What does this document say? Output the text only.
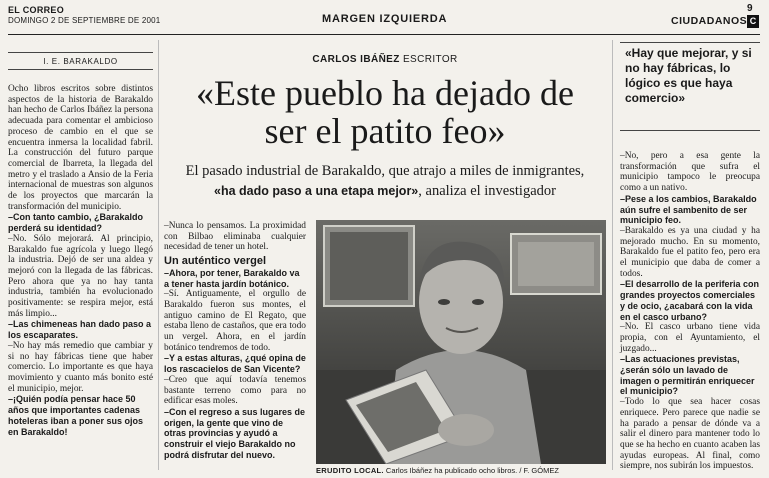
EL CORREO
DOMINGO 2 DE SEPTIEMBRE DE 2001	MARGEN IZQUIERDA	CIUDADANOS
9
C
I. E. BARAKALDO

Ocho libros escritos sobre distintos aspectos de la historia de Barakaldo han hecho de Carlos Ibáñez la persona adecuada para comentar el ambicioso proceso de cambio en el que se encuentra inmersa la localidad fabril. La construcción del futuro parque comercial de Ibarreta, la llegada del metro y el traslado a Ansio de la Feria internacional de muestras son algunos de los proyectos que marcarán la transformación del municipio.

–Con tanto cambio, ¿Barakaldo perderá su identidad?

–No. Sólo mejorará. Al principio, Barakaldo fue agrícola y luego llegó la industria. Dejó de ser una aldea y mejoró con la llegada de las fábricas. Pero ahora que ya no hay tanta industria, también ha evolucionado positivamente: se respira mejor, está más limpio...

–Las chimeneas han dado paso a los escaparates.

–No hay más remedio que cambiar y si no hay fábricas tiene que haber comercio. Lo importante es que haya movimiento y cuanto más bonito esté el municipio, mejor.

–¡Quién podía pensar hace 50 años que importantes cadenas hoteleras iban a poner sus ojos en Barakaldo!

CARLOS IBÁÑEZ ESCRITOR
«Este pueblo ha dejado de
ser el patito feo»
El pasado industrial de Barakaldo, que atrajo a miles de inmigrantes,
«ha dado paso a una etapa mejor», analiza el investigador

–Nunca lo pensamos. La proximidad con Bilbao eliminaba cualquier necesidad de tener un hotel.

Un auténtico vergel

–Ahora, por tener, Barakaldo va a tener hasta jardín botánico.

–Sí. Antiguamente, el orgullo de Barakaldo fueron sus montes, el antiguo camino de El Regato, que estaba lleno de castaños, que era todo un vergel. Ahora, en el jardín botánico tendremos de todo.

–Y a estas alturas, ¿qué opina de los rascacielos de San Vicente?

–Creo que aquí todavía tenemos bastante terreno como para no edificar esas moles.

–Con el regreso a sus lugares de origen, la gente que vino de otras provincias y ayudó a construir el viejo Barakaldo no podrá disfrutar del nuevo.

ERUDITO LOCAL. Carlos Ibáñez ha publicado ocho libros. / F. GÓMEZ
«Hay que mejorar, y si no hay fábricas, lo lógico es que haya comercio»

–No, pero a esa gente la transformación que sufra el municipio tampoco le preocupa como a un nativo.

–Pese a los cambios, Barakaldo aún sufre el sambenito de ser municipio feo.

–Barakaldo es ya una ciudad y ha mejorado mucho. En su momento, Barakaldo fue el patito feo, pero era el municipio que daba de comer a todos.

–El desarrollo de la periferia con grandes proyectos comerciales y de ocio, ¿acabará con la vida en el casco urbano?

–No. El casco urbano tiene vida propia, con el Ayuntamiento, el juzgado...

–Las actuaciones previstas, ¿serán sólo un lavado de imagen o permitirán enriquecer el municipio?

–Todo lo que sea hacer cosas enriquece. Pero parece que nadie se ha parado a pensar de dónde va a salir el dinero para mantener todo lo que se ha hecho en cuanto acaben las ayudas europeas. Al final, como siempre, nos subirán los impuestos.
